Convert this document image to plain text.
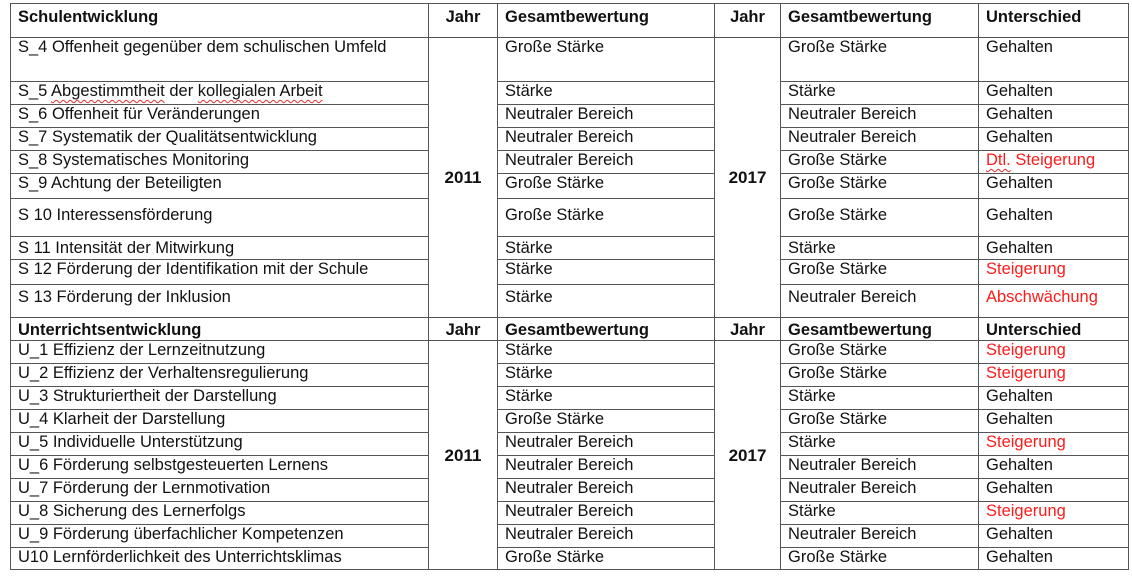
Schulentwicklung	Jahr	Gesamtbewertung	Jahr	Gesamtbewertung	Unterschied
S_4 Offenheit gegenüber dem schulischen Umfeld	2011	Große Stärke	2017	Große Stärke	Gehalten
S_5 Abgestimmtheit der kollegialen Arbeit		Stärke		Stärke	Gehalten
S_6 Offenheit für Veränderungen		Neutraler Bereich		Neutraler Bereich	Gehalten
S_7 Systematik der Qualitätsentwicklung		Neutraler Bereich		Neutraler Bereich	Gehalten
S_8 Systematisches Monitoring		Neutraler Bereich		Große Stärke	Dtl. Steigerung
S_9 Achtung der Beteiligten		Große Stärke		Große Stärke	Gehalten
S 10 Interessensförderung		Große Stärke		Große Stärke	Gehalten
S 11 Intensität der Mitwirkung		Stärke		Stärke	Gehalten
S 12 Förderung der Identifikation mit der Schule		Stärke		Große Stärke	Steigerung
S 13 Förderung der Inklusion		Stärke		Neutraler Bereich	Abschwächung
Unterrichtsentwicklung	Jahr	Gesamtbewertung	Jahr	Gesamtbewertung	Unterschied
U_1 Effizienz der Lernzeitnutzung	2011	Stärke	2017	Große Stärke	Steigerung
U_2 Effizienz der Verhaltensregulierung		Stärke		Große Stärke	Steigerung
U_3 Strukturiertheit der Darstellung		Stärke		Stärke	Gehalten
U_4 Klarheit der Darstellung		Große Stärke		Große Stärke	Gehalten
U_5 Individuelle Unterstützung		Neutraler Bereich		Stärke	Steigerung
U_6 Förderung selbstgesteuerten Lernens		Neutraler Bereich		Neutraler Bereich	Gehalten
U_7 Förderung der Lernmotivation		Neutraler Bereich		Neutraler Bereich	Gehalten
U_8 Sicherung des Lernerfolgs		Neutraler Bereich		Stärke	Steigerung
U_9 Förderung überfachlicher Kompetenzen		Neutraler Bereich		Neutraler Bereich	Gehalten
U10 Lernförderlichkeit des Unterrichtsklimas		Große Stärke		Große Stärke	Gehalten
